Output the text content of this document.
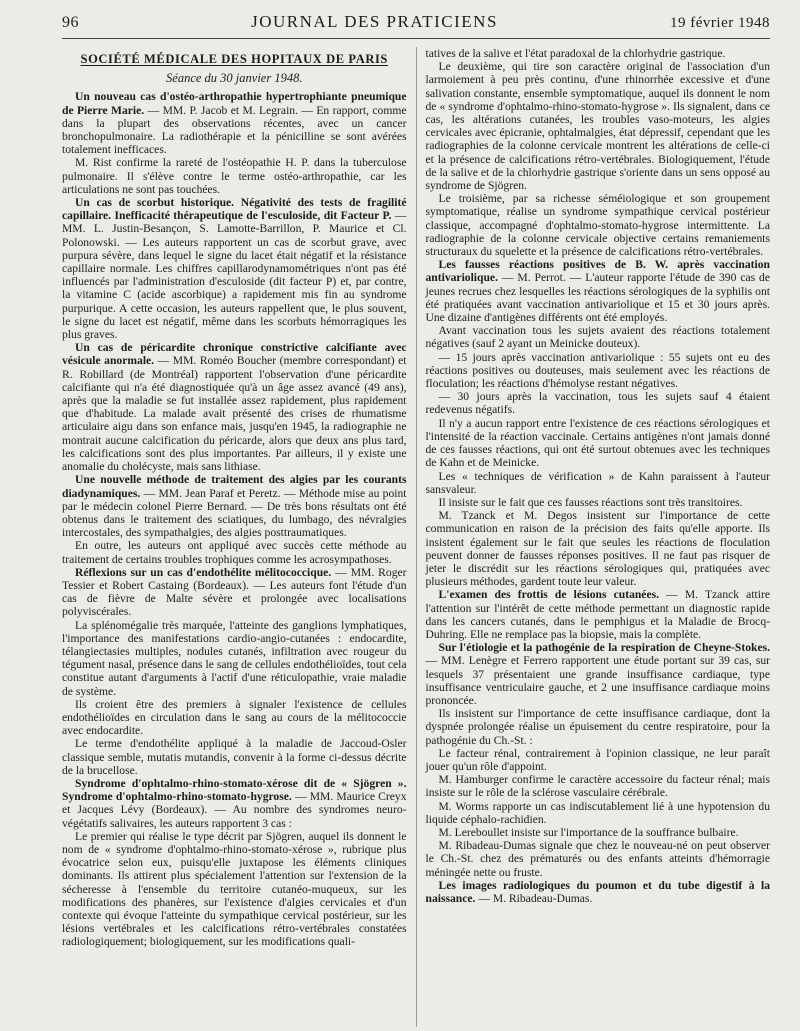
96	JOURNAL DES PRATICIENS	19 février 1948
SOCIÉTÉ MÉDICALE DES HOPITAUX DE PARIS
Séance du 30 janvier 1948.

Un nouveau cas d'ostéo-arthropathie hypertrophiante pneumique de Pierre Marie. — MM. P. Jacob et M. Legrain. — En rapport, comme dans la plupart des observations récentes, avec un cancer bronchopulmonaire. La radiothérapie et la pénicilline se sont avérées totalement inefficaces.

M. Rist confirme la rareté de l'ostéopathie H. P. dans la tuberculose pulmonaire. Il s'élève contre le terme ostéo-arthropathie, car les articulations ne sont pas touchées.

Un cas de scorbut historique. Négativité des tests de fragilité capillaire. Inefficacité thérapeutique de l'esculoside, dit Facteur P. — MM. L. Justin-Besançon, S. Lamotte-Barrillon, P. Maurice et Cl. Polonowski. — Les auteurs rapportent un cas de scorbut grave, avec purpura sévère, dans lequel le signe du lacet était négatif et la résistance capillaire normale. Les chiffres capillarodynamométriques n'ont pas été influencés par l'administration d'esculoside (dit facteur P) et, par contre, la vitamine C (acide ascorbique) a rapidement mis fin au syndrome purpurique. A cette occasion, les auteurs rappellent que, le plus souvent, le signe du lacet est négatif, même dans les scorbuts hémorragiques les plus graves.

Un cas de péricardite chronique constrictive calcifiante avec vésicule anormale. — MM. Roméo Boucher (membre correspondant) et R. Robillard (de Montréal) rapportent l'observation d'une péricardite calcifiante qui n'a été diagnostiquée qu'à un âge assez avancé (49 ans), après que la maladie se fut installée assez rapidement, plus rapidement que d'habitude. La malade avait présenté des crises de rhumatisme articulaire aigu dans son enfance mais, jusqu'en 1945, la radiographie ne montrait aucune calcification du péricarde, alors que deux ans plus tard, les calcifications sont des plus importantes. Par ailleurs, il y existe une anomalie du cholécyste, mais sans lithiase.

Une nouvelle méthode de traitement des algies par les courants diadynamiques. — MM. Jean Paraf et Peretz. — Méthode mise au point par le médecin colonel Pierre Bernard. — De très bons résultats ont été obtenus dans le traitement des sciatiques, du lumbago, des névralgies intercostales, des sympathalgies, des algies posttraumatiques.

En outre, les auteurs ont appliqué avec succès cette méthode au traitement de certains troubles trophiques comme les acrosympathoses.

Réflexions sur un cas d'endothélite mélitococcique. — MM. Roger Tessier et Robert Castaing (Bordeaux). — Les auteurs font l'étude d'un cas de fièvre de Malte sévère et prolongée avec localisations polyviscérales.

La splénomégalie très marquée, l'atteinte des ganglions lymphatiques, l'importance des manifestations cardio-angio-cutanées : endocardite, télangiectasies multiples, nodules cutanés, infiltration avec rougeur du tégument nasal, présence dans le sang de cellules endothélioïdes, tout cela constitue autant d'arguments à l'actif d'une réticulopathie, vraie maladie de système.

Ils croient être des premiers à signaler l'existence de cellules endothélioïdes en circulation dans le sang au cours de la mélitococcie avec endocardite.

Le terme d'endothélite appliqué à la maladie de Jaccoud-Osler classique semble, mutatis mutandis, convenir à la forme ci-dessus décrite de la brucellose.

Syndrome d'ophtalmo-rhino-stomato-xérose dit de « Sjögren ». Syndrome d'ophtalmo-rhino-stomato-hygrose. — MM. Maurice Creyx et Jacques Lévy (Bordeaux). — Au nombre des syndromes neuro-végétatifs salivaires, les auteurs rapportent 3 cas :

Le premier qui réalise le type décrit par Sjögren, auquel ils donnent le nom de « syndrome d'ophtalmo-rhino-stomato-xérose », rubrique plus évocatrice selon eux, puisqu'elle juxtapose les éléments cliniques dominants. Ils attirent plus spécialement l'attention sur l'extension de la sécheresse à l'ensemble du territoire cutanéo-muqueux, sur les modifications des phanères, sur l'existence d'algies cervicales et d'un contexte qui évoque l'atteinte du sympathique cervical postérieur, sur les lésions vertébrales et les calcifications rétro-vertébrales constatées radiologiquement; biologiquement, sur les modifications quali-

tatives de la salive et l'état paradoxal de la chlorhydrie gastrique.

Le deuxième, qui tire son caractère original de l'association d'un larmoiement à peu près continu, d'une rhinorrhée excessive et d'une salivation constante, ensemble symptomatique, auquel ils donnent le nom de « syndrome d'ophtalmo-rhino-stomato-hygrose ». Ils signalent, dans ce cas, les altérations cutanées, les troubles vaso-moteurs, les algies cervicales avec épicranie, ophtalmalgies, état dépressif, cependant que les radiographies de la colonne cervicale montrent les altérations de celle-ci et la présence de calcifications rétro-vertébrales. Biologiquement, l'étude de la salive et de la chlorhydrie gastrique s'oriente dans un sens opposé au syndrome de Sjögren.

Le troisième, par sa richesse séméiologique et son groupement symptomatique, réalise un syndrome sympathique cervical postérieur classique, accompagné d'ophtalmo-stomato-hygrose intermittente. La radiographie de la colonne cervicale objective certains remaniements structuraux du squelette et la présence de calcifications rétro-vertébrales.

Les fausses réactions positives de B. W. après vaccination antivariolique. — M. Perrot. — L'auteur rapporte l'étude de 390 cas de jeunes recrues chez lesquelles les réactions sérologiques de la syphilis ont été pratiquées avant vaccination antivariolique et 15 et 30 jours après. Une dizaine d'antigènes différents ont été employés.

Avant vaccination tous les sujets avaient des réactions totalement négatives (sauf 2 ayant un Meinicke douteux).

— 15 jours après vaccination antivariolique : 55 sujets ont eu des réactions positives ou douteuses, mais seulement avec les réactions de floculation; les réactions d'hémolyse restant négatives.

— 30 jours après la vaccination, tous les sujets sauf 4 étaient redevenus négatifs.

Il n'y a aucun rapport entre l'existence de ces réactions sérologiques et l'intensité de la réaction vaccinale. Certains antigènes n'ont jamais donné de ces fausses réactions, qui ont été surtout obtenues avec les techniques de Kahn et de Meinicke.

Les « techniques de vérification » de Kahn paraissent à l'auteur sansvaleur.

Il insiste sur le fait que ces fausses réactions sont très transitoires.

M. Tzanck et M. Degos insistent sur l'importance de cette communication en raison de la précision des faits qu'elle apporte. Ils insistent également sur le fait que seules les réactions de floculation peuvent donner de fausses réponses positives. Il ne faut pas risquer de jeter le discrédit sur les réactions sérologiques qui, pratiquées avec plusieurs méthodes, gardent toute leur valeur.

L'examen des frottis de lésions cutanées. — M. Tzanck attire l'attention sur l'intérêt de cette méthode permettant un diagnostic rapide dans les cancers cutanés, dans le pemphigus et la Maladie de Brocq-Duhring. Elle ne remplace pas la biopsie, mais la complète.

Sur l'étiologie et la pathogénie de la respiration de Cheyne-Stokes. — MM. Lenègre et Ferrero rapportent une étude portant sur 39 cas, sur lesquels 37 présentaient une grande insuffisance cardiaque, type insuffisance ventriculaire gauche, et 2 une insuffisance cardiaque moins prononcée.

Ils insistent sur l'importance de cette insuffisance cardiaque, dont la dyspnée prolongée réalise un épuisement du centre respiratoire, pour la pathogénie du Ch.-St. :

Le facteur rénal, contrairement à l'opinion classique, ne leur paraît jouer qu'un rôle d'appoint.

M. Hamburger confirme le caractère accessoire du facteur rénal; mais insiste sur le rôle de la sclérose vasculaire cérébrale.

M. Worms rapporte un cas indiscutablement lié à une hypotension du liquide céphalo-rachidien.

M. Lereboullet insiste sur l'importance de la souffrance bulbaire.

M. Ribadeau-Dumas signale que chez le nouveau-né on peut observer le Ch.-St. chez des prématurés ou des enfants atteints d'hémorragie méningée nette ou fruste.

Les images radiologiques du poumon et du tube digestif à la naissance. — M. Ribadeau-Dumas.
